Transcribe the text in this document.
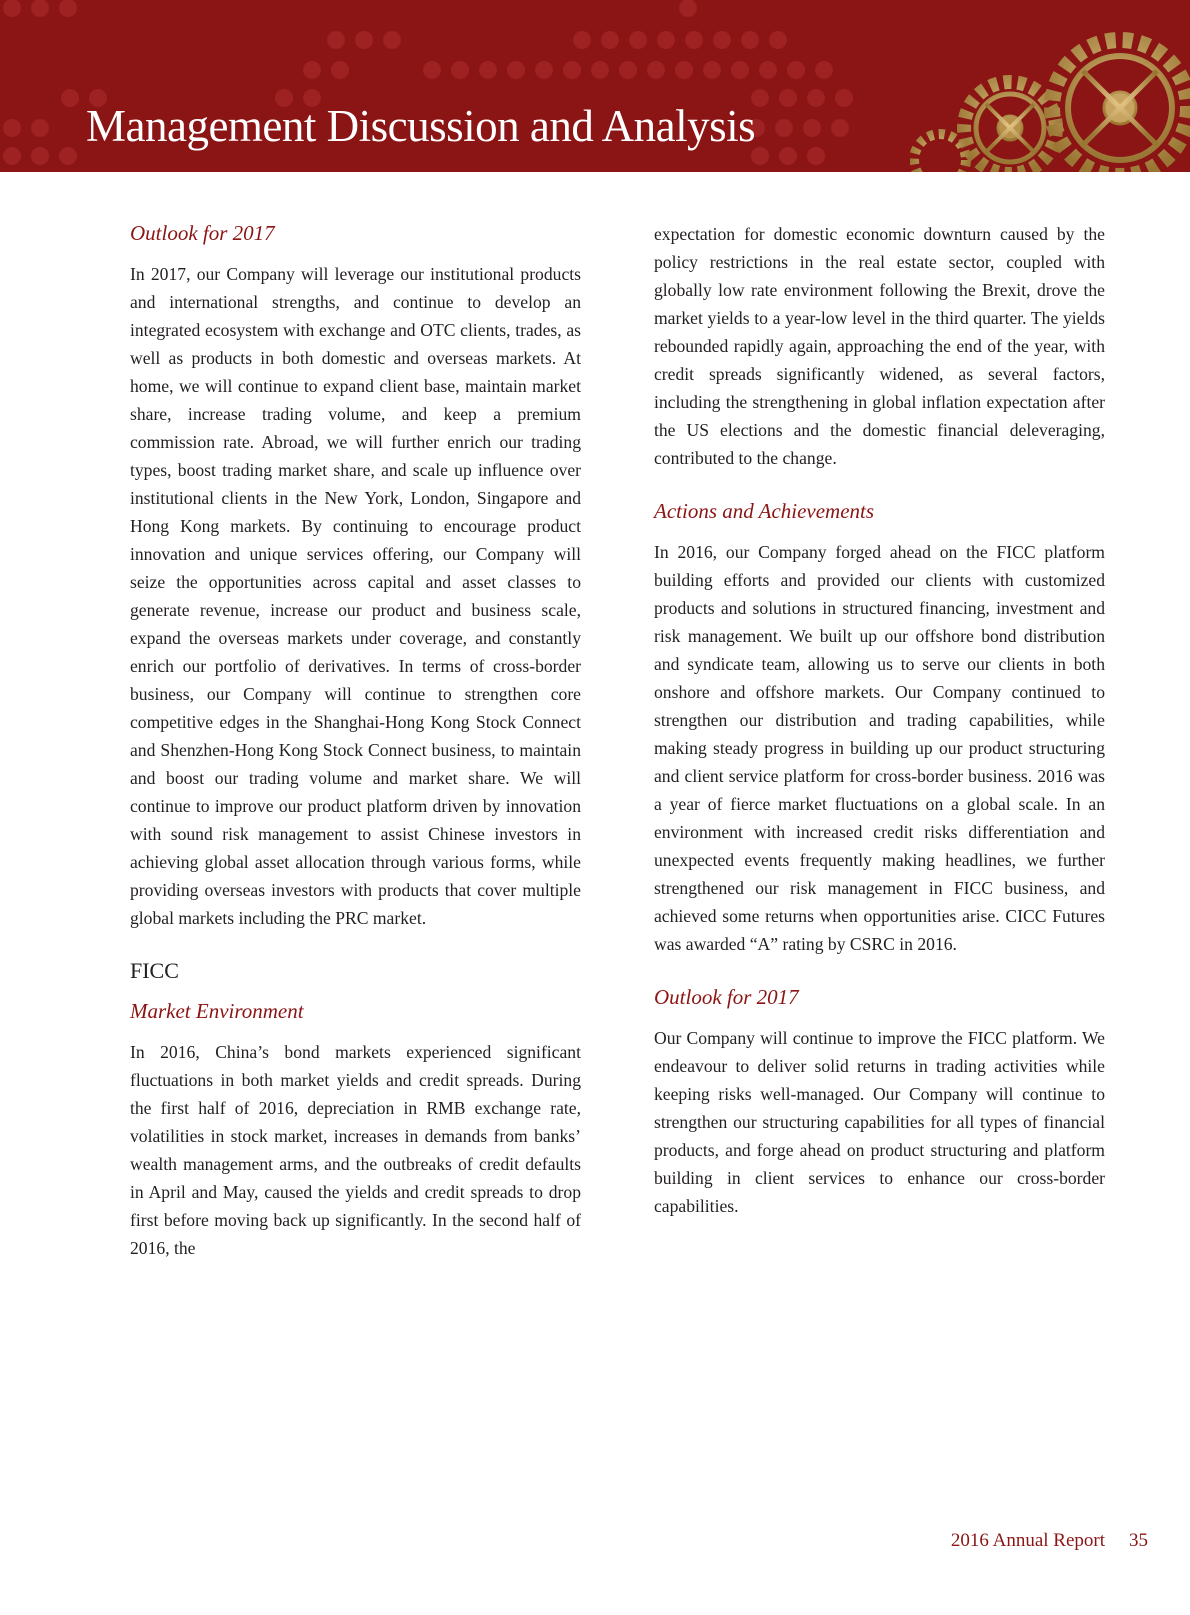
Management Discussion and Analysis
Outlook for 2017

In 2017, our Company will leverage our institutional products and international strengths, and continue to develop an integrated ecosystem with exchange and OTC clients, trades, as well as products in both domestic and overseas markets. At home, we will continue to expand client base, maintain market share, increase trading volume, and keep a premium commission rate. Abroad, we will further enrich our trading types, boost trading market share, and scale up influence over institutional clients in the New York, London, Singapore and Hong Kong markets. By continuing to encourage product innovation and unique services offering, our Company will seize the opportunities across capital and asset classes to generate revenue, increase our product and business scale, expand the overseas markets under coverage, and constantly enrich our portfolio of derivatives. In terms of cross-border business, our Company will continue to strengthen core competitive edges in the Shanghai-Hong Kong Stock Connect and Shenzhen-Hong Kong Stock Connect business, to maintain and boost our trading volume and market share. We will continue to improve our product platform driven by innovation with sound risk management to assist Chinese investors in achieving global asset allocation through various forms, while providing overseas investors with products that cover multiple global markets including the PRC market.

FICC
Market Environment

In 2016, China’s bond markets experienced significant fluctuations in both market yields and credit spreads. During the first half of 2016, depreciation in RMB exchange rate, volatilities in stock market, increases in demands from banks’ wealth management arms, and the outbreaks of credit defaults in April and May, caused the yields and credit spreads to drop first before moving back up significantly. In the second half of 2016, the

expectation for domestic economic downturn caused by the policy restrictions in the real estate sector, coupled with globally low rate environment following the Brexit, drove the market yields to a year-low level in the third quarter. The yields rebounded rapidly again, approaching the end of the year, with credit spreads significantly widened, as several factors, including the strengthening in global inflation expectation after the US elections and the domestic financial deleveraging, contributed to the change.

Actions and Achievements

In 2016, our Company forged ahead on the FICC platform building efforts and provided our clients with customized products and solutions in structured financing, investment and risk management. We built up our offshore bond distribution and syndicate team, allowing us to serve our clients in both onshore and offshore markets. Our Company continued to strengthen our distribution and trading capabilities, while making steady progress in building up our product structuring and client service platform for cross-border business. 2016 was a year of fierce market fluctuations on a global scale. In an environment with increased credit risks differentiation and unexpected events frequently making headlines, we further strengthened our risk management in FICC business, and achieved some returns when opportunities arise. CICC Futures was awarded “A” rating by CSRC in 2016.

Outlook for 2017

Our Company will continue to improve the FICC platform. We endeavour to deliver solid returns in trading activities while keeping risks well-managed. Our Company will continue to strengthen our structuring capabilities for all types of financial products, and forge ahead on product structuring and platform building in client services to enhance our cross-border capabilities.

2016 Annual Report 35
